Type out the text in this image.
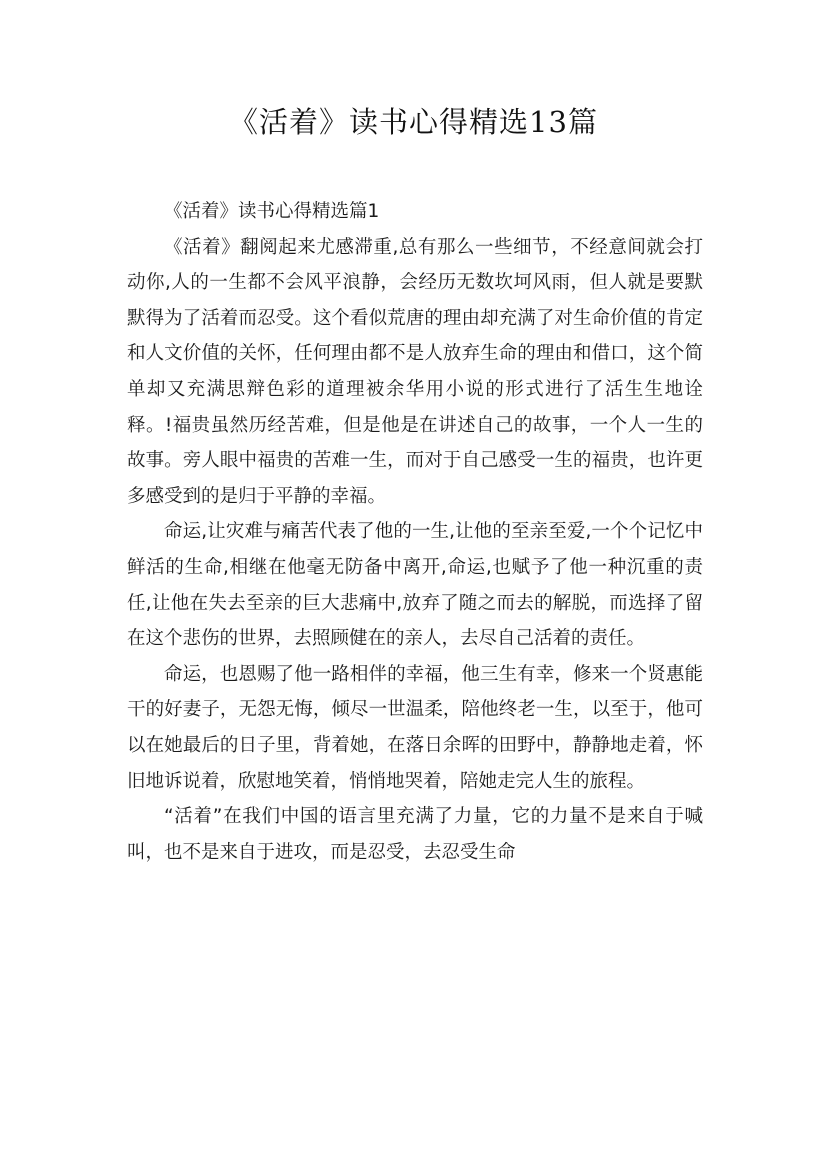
《活着》读书心得精选13篇
《活着》读书心得精选篇1

《活着》翻阅起来尤感滞重,总有那么一些细节，不经意间就会打动你,人的一生都不会风平浪静，会经历无数坎坷风雨，但人就是要默默得为了活着而忍受。这个看似荒唐的理由却充满了对生命价值的肯定和人文价值的关怀，任何理由都不是人放弃生命的理由和借口，这个简单却又充满思辩色彩的道理被余华用小说的形式进行了活生生地诠释。!福贵虽然历经苦难，但是他是在讲述自己的故事，一个人一生的故事。旁人眼中福贵的苦难一生，而对于自己感受一生的福贵，也许更多感受到的是归于平静的幸福。

命运,让灾难与痛苦代表了他的一生,让他的至亲至爱,一个个记忆中鲜活的生命,相继在他毫无防备中离开,命运,也赋予了他一种沉重的责任,让他在失去至亲的巨大悲痛中,放弃了随之而去的解脱，而选择了留在这个悲伤的世界，去照顾健在的亲人，去尽自己活着的责任。

命运，也恩赐了他一路相伴的幸福，他三生有幸，修来一个贤惠能干的好妻子，无怨无悔，倾尽一世温柔，陪他终老一生，以至于，他可以在她最后的日子里，背着她，在落日余晖的田野中，静静地走着，怀旧地诉说着，欣慰地笑着，悄悄地哭着，陪她走完人生的旅程。

“活着”在我们中国的语言里充满了力量，它的力量不是来自于喊叫，也不是来自于进攻，而是忍受，去忍受生命
